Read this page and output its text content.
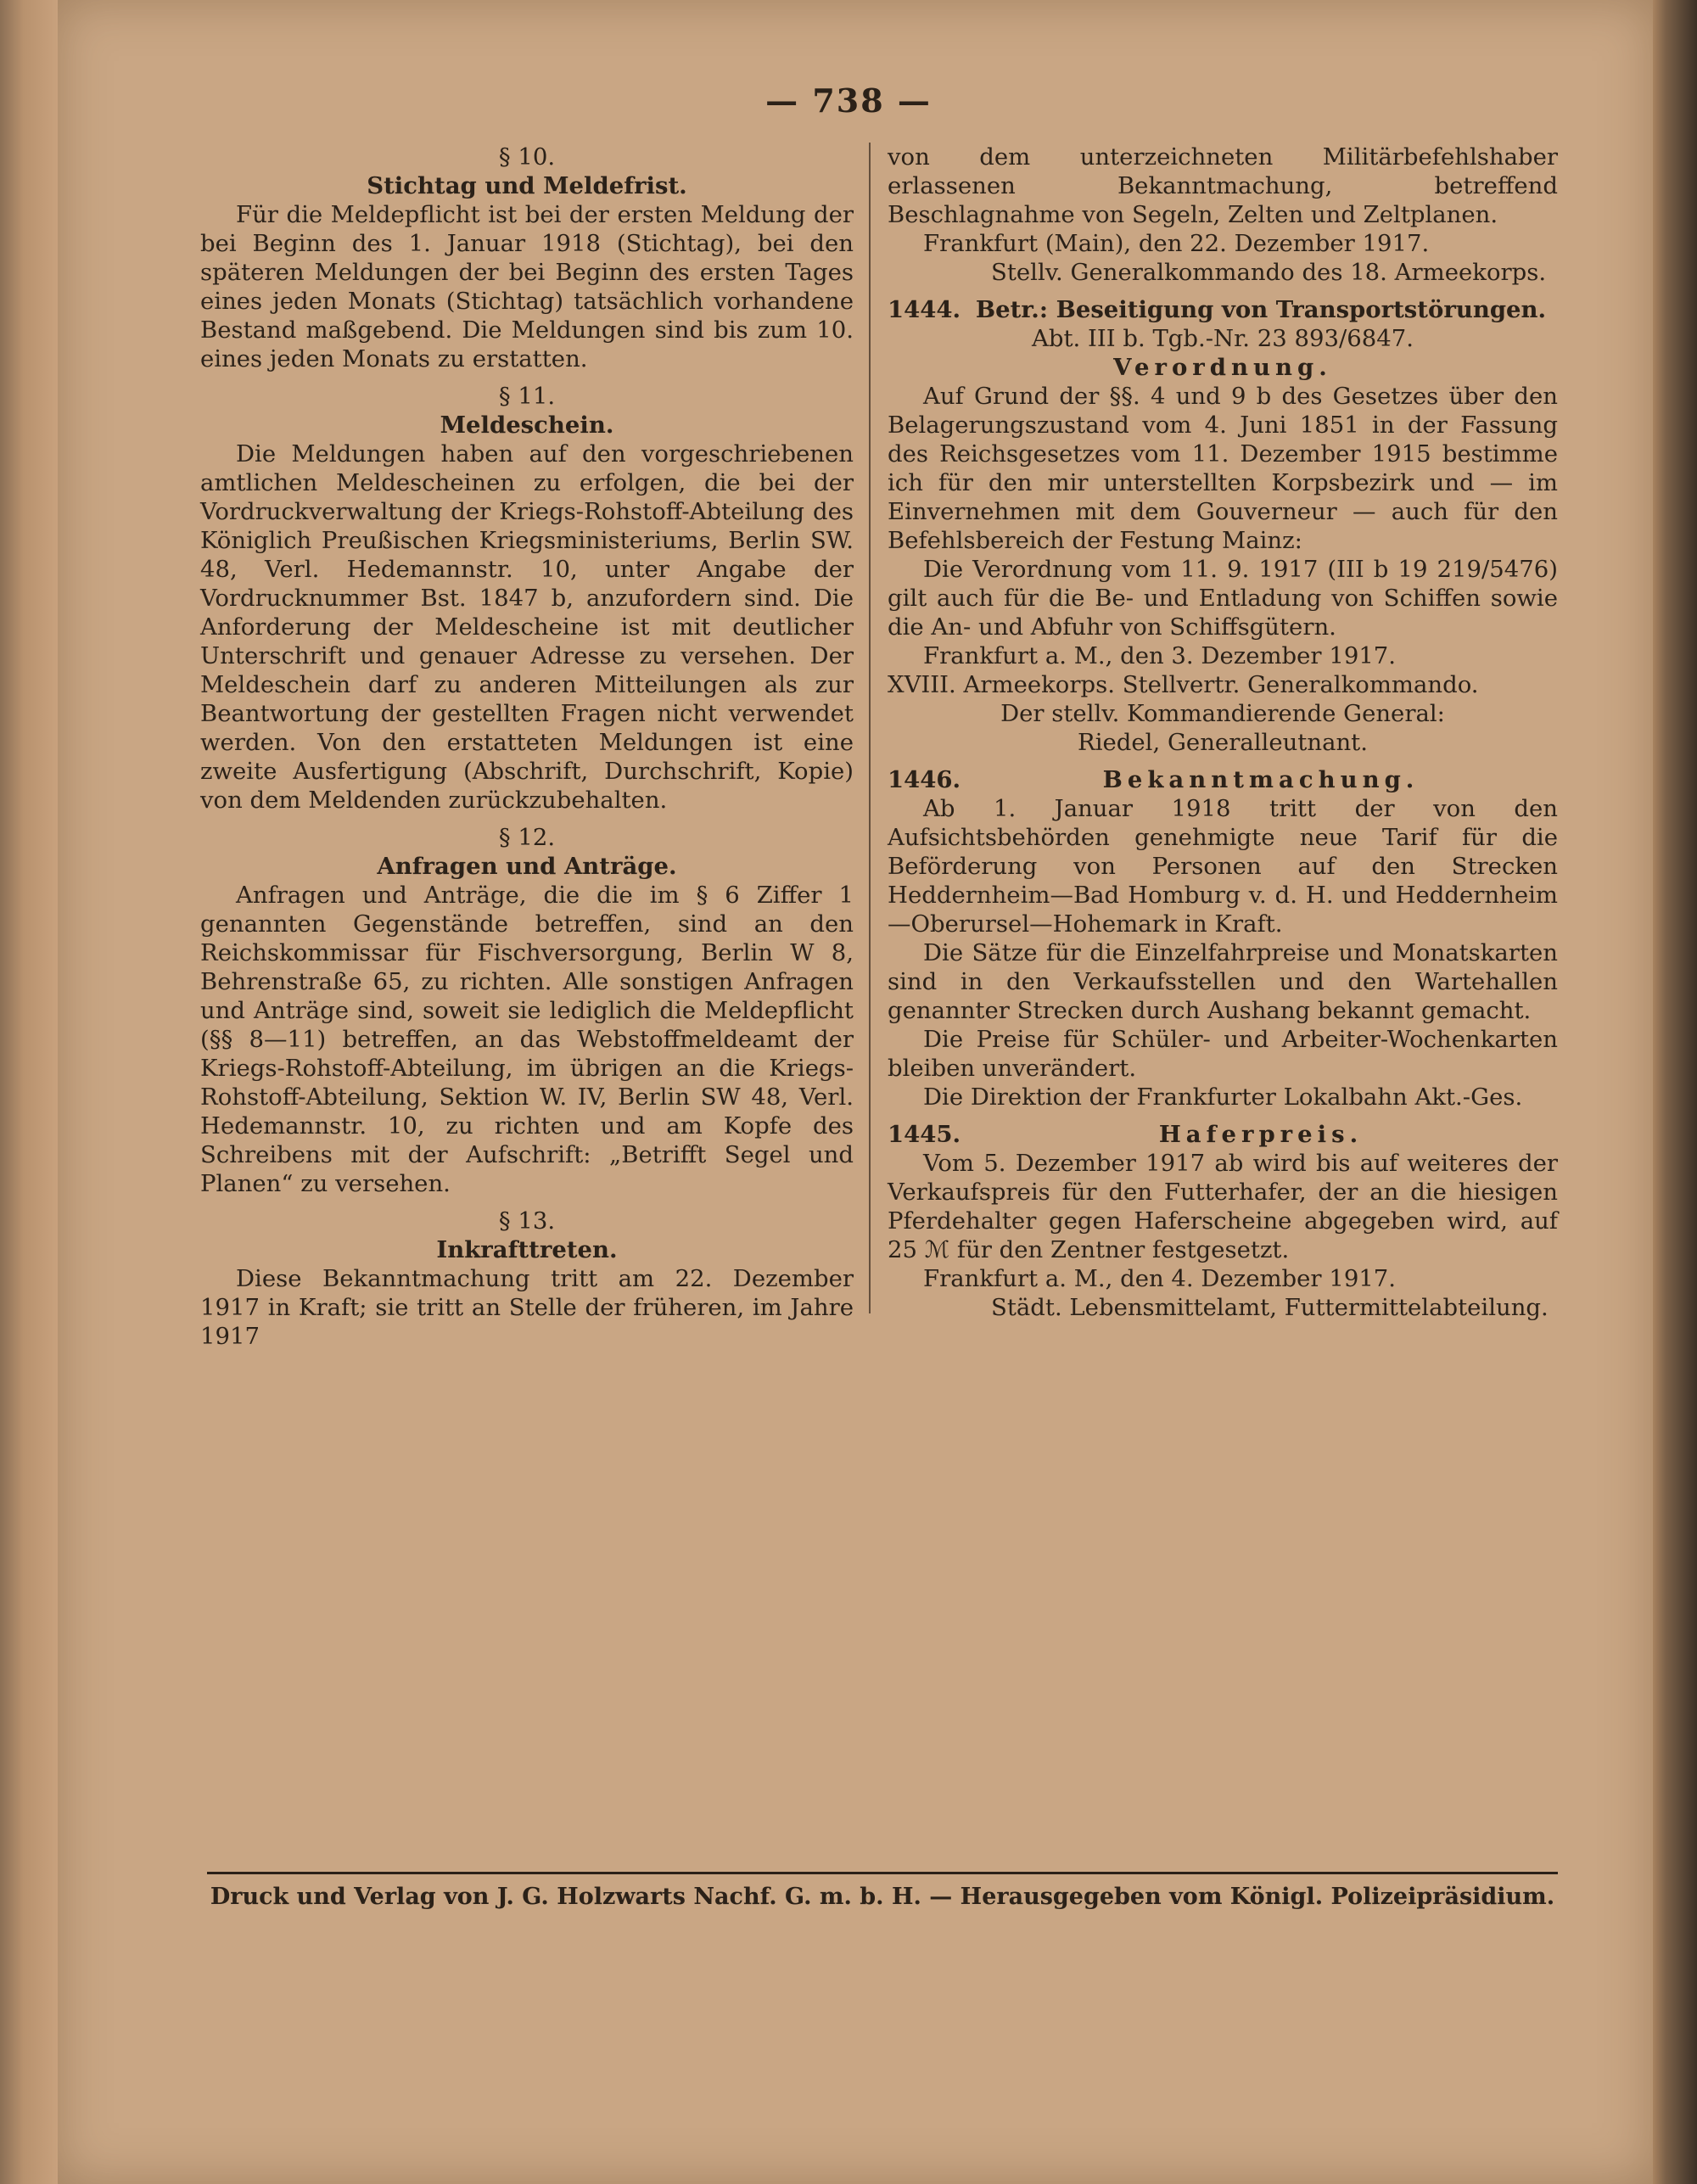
— 738 —

§ 10.

Stichtag und Meldefrist.

Für die Meldepflicht ist bei der ersten Meldung der bei Beginn des 1. Januar 1918 (Stichtag), bei den späteren Meldungen der bei Beginn des ersten Tages eines jeden Monats (Stichtag) tatsächlich vorhandene Bestand maßgebend. Die Meldungen sind bis zum 10. eines jeden Monats zu erstatten.

§ 11.

Meldeschein.

Die Meldungen haben auf den vorgeschriebenen amtlichen Meldescheinen zu erfolgen, die bei der Vordruckverwaltung der Kriegs-Rohstoff-Abteilung des Königlich Preußischen Kriegsministeriums, Berlin SW. 48, Verl. Hedemannstr. 10, unter Angabe der Vordrucknummer Bst. 1847 b, anzufordern sind. Die Anforderung der Meldescheine ist mit deutlicher Unterschrift und genauer Adresse zu versehen. Der Meldeschein darf zu anderen Mitteilungen als zur Beantwortung der gestellten Fragen nicht verwendet werden. Von den erstatteten Meldungen ist eine zweite Ausfertigung (Abschrift, Durchschrift, Kopie) von dem Meldenden zurückzubehalten.

§ 12.

Anfragen und Anträge.

Anfragen und Anträge, die die im § 6 Ziffer 1 genannten Gegenstände betreffen, sind an den Reichskommissar für Fischversorgung, Berlin W 8, Behrenstraße 65, zu richten. Alle sonstigen Anfragen und Anträge sind, soweit sie lediglich die Meldepflicht (§§ 8—11) betreffen, an das Webstoffmeldeamt der Kriegs-Rohstoff-Abteilung, im übrigen an die Kriegs-Rohstoff-Abteilung, Sektion W. IV, Berlin SW 48, Verl. Hedemannstr. 10, zu richten und am Kopfe des Schreibens mit der Aufschrift: „Betrifft Segel und Planen“ zu versehen.

§ 13.

Inkrafttreten.

Diese Bekanntmachung tritt am 22. Dezember 1917 in Kraft; sie tritt an Stelle der früheren, im Jahre 1917

von dem unterzeichneten Militärbefehlshaber erlassenen Bekanntmachung, betreffend Beschlagnahme von Segeln, Zelten und Zeltplanen.

Frankfurt (Main), den 22. Dezember 1917.

Stellv. Generalkommando des 18. Armeekorps.

1444. Betr.: Beseitigung von Transportstörungen.

Abt. III b. Tgb.-Nr. 23 893/6847.

Verordnung.

Auf Grund der §§. 4 und 9 b des Gesetzes über den Belagerungszustand vom 4. Juni 1851 in der Fassung des Reichsgesetzes vom 11. Dezember 1915 bestimme ich für den mir unterstellten Korpsbezirk und — im Einvernehmen mit dem Gouverneur — auch für den Befehlsbereich der Festung Mainz:

Die Verordnung vom 11. 9. 1917 (III b 19 219/5476) gilt auch für die Be- und Entladung von Schiffen sowie die An- und Abfuhr von Schiffsgütern.

Frankfurt a. M., den 3. Dezember 1917.

XVIII. Armeekorps. Stellvertr. Generalkommando.

Der stellv. Kommandierende General:

Riedel, Generalleutnant.

1446.	Bekanntmachung.

Ab 1. Januar 1918 tritt der von den Aufsichtsbehörden genehmigte neue Tarif für die Beförderung von Personen auf den Strecken Heddernheim—Bad Homburg v. d. H. und Heddernheim—Oberursel—Hohemark in Kraft.

Die Sätze für die Einzelfahrpreise und Monatskarten sind in den Verkaufsstellen und den Wartehallen genannter Strecken durch Aushang bekannt gemacht.

Die Preise für Schüler- und Arbeiter-Wochenkarten bleiben unverändert.

Die Direktion der Frankfurter Lokalbahn Akt.-Ges.

1445.	Haferpreis.

Vom 5. Dezember 1917 ab wird bis auf weiteres der Verkaufspreis für den Futterhafer, der an die hiesigen Pferdehalter gegen Haferscheine abgegeben wird, auf 25 ℳ für den Zentner festgesetzt.

Frankfurt a. M., den 4. Dezember 1917.

Städt. Lebensmittelamt, Futtermittelabteilung.

Druck und Verlag von J. G. Holzwarts Nachf. G. m. b. H. — Herausgegeben vom Königl. Polizeipräsidium.
